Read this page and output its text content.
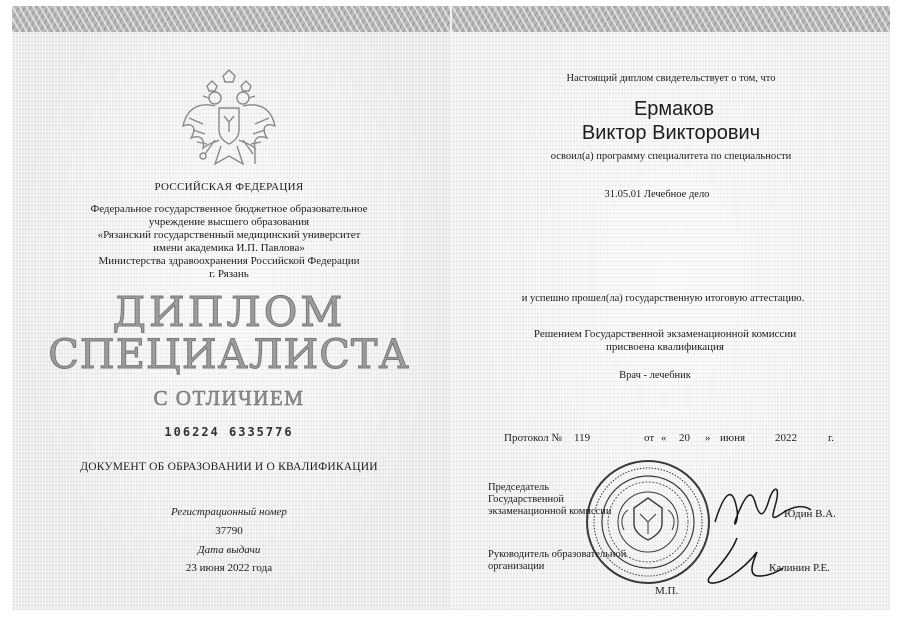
РОССИЙСКАЯ ФЕДЕРАЦИЯ
Федеральное государственное бюджетное образовательное
учреждение высшего образования
«Рязанский государственный медицинский университет
имени академика И.П. Павлова»
Министерства здравоохранения Российской Федерации
г. Рязань
ДИПЛОМ
СПЕЦИАЛИСТА
С ОТЛИЧИЕМ
106224 6335776
ДОКУМЕНТ ОБ ОБРАЗОВАНИИ И О КВАЛИФИКАЦИИ
Регистрационный номер
37790
Дата выдачи
23 июня 2022 года
Настоящий диплом свидетельствует о том, что
Ермаков
Виктор Викторович
освоил(а) программу специалитета по специальности
31.05.01 Лечебное дело
и успешно прошел(ла) государственную итоговую аттестацию.
Решением Государственной экзаменационной комиссии
присвоена квалификация
Врач - лечебник
Протокол № 119	от « 20 » июня	2022	г.
Председатель
Государственной
экзаменационной комиссии	Юдин В.А.
Руководитель образовательной
организации	Калинин Р.Е.
М.П.
